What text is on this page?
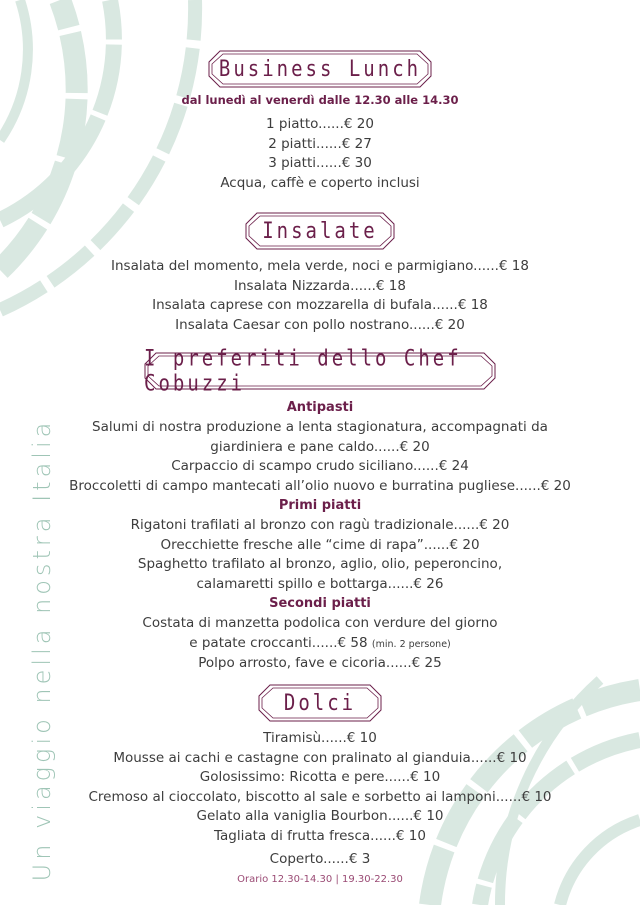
Un viaggio nella nostra Italia
Business Lunch
dal lunedì al venerdì dalle 12.30 alle 14.30
1 piatto......€ 20
2 piatti......€ 27
3 piatti......€ 30
Acqua, caffè e coperto inclusi
Insalate
Insalata del momento, mela verde, noci e parmigiano......€ 18
Insalata Nizzarda......€ 18
Insalata caprese con mozzarella di bufala......€ 18
Insalata Caesar con pollo nostrano......€ 20
I preferiti dello Chef Cobuzzi
Antipasti
Salumi di nostra produzione a lenta stagionatura, accompagnati da
giardiniera e pane caldo......€ 20
Carpaccio di scampo crudo siciliano......€ 24
Broccoletti di campo mantecati all’olio nuovo e burratina pugliese......€ 20
Primi piatti
Rigatoni trafilati al bronzo con ragù tradizionale......€ 20
Orecchiette fresche alle “cime di rapa”......€ 20
Spaghetto trafilato al bronzo, aglio, olio, peperoncino,
calamaretti spillo e bottarga......€ 26
Secondi piatti
Costata di manzetta podolica con verdure del giorno
e patate croccanti......€ 58 (min. 2 persone)
Polpo arrosto, fave e cicoria......€ 25
Dolci
Tiramisù......€ 10
Mousse ai cachi e castagne con pralinato al gianduia......€ 10
Golosissimo: Ricotta e pere......€ 10
Cremoso al cioccolato, biscotto al sale e sorbetto ai lamponi......€ 10
Gelato alla vaniglia Bourbon......€ 10
Tagliata di frutta fresca......€ 10
Coperto......€ 3
Orario 12.30-14.30 | 19.30-22.30
